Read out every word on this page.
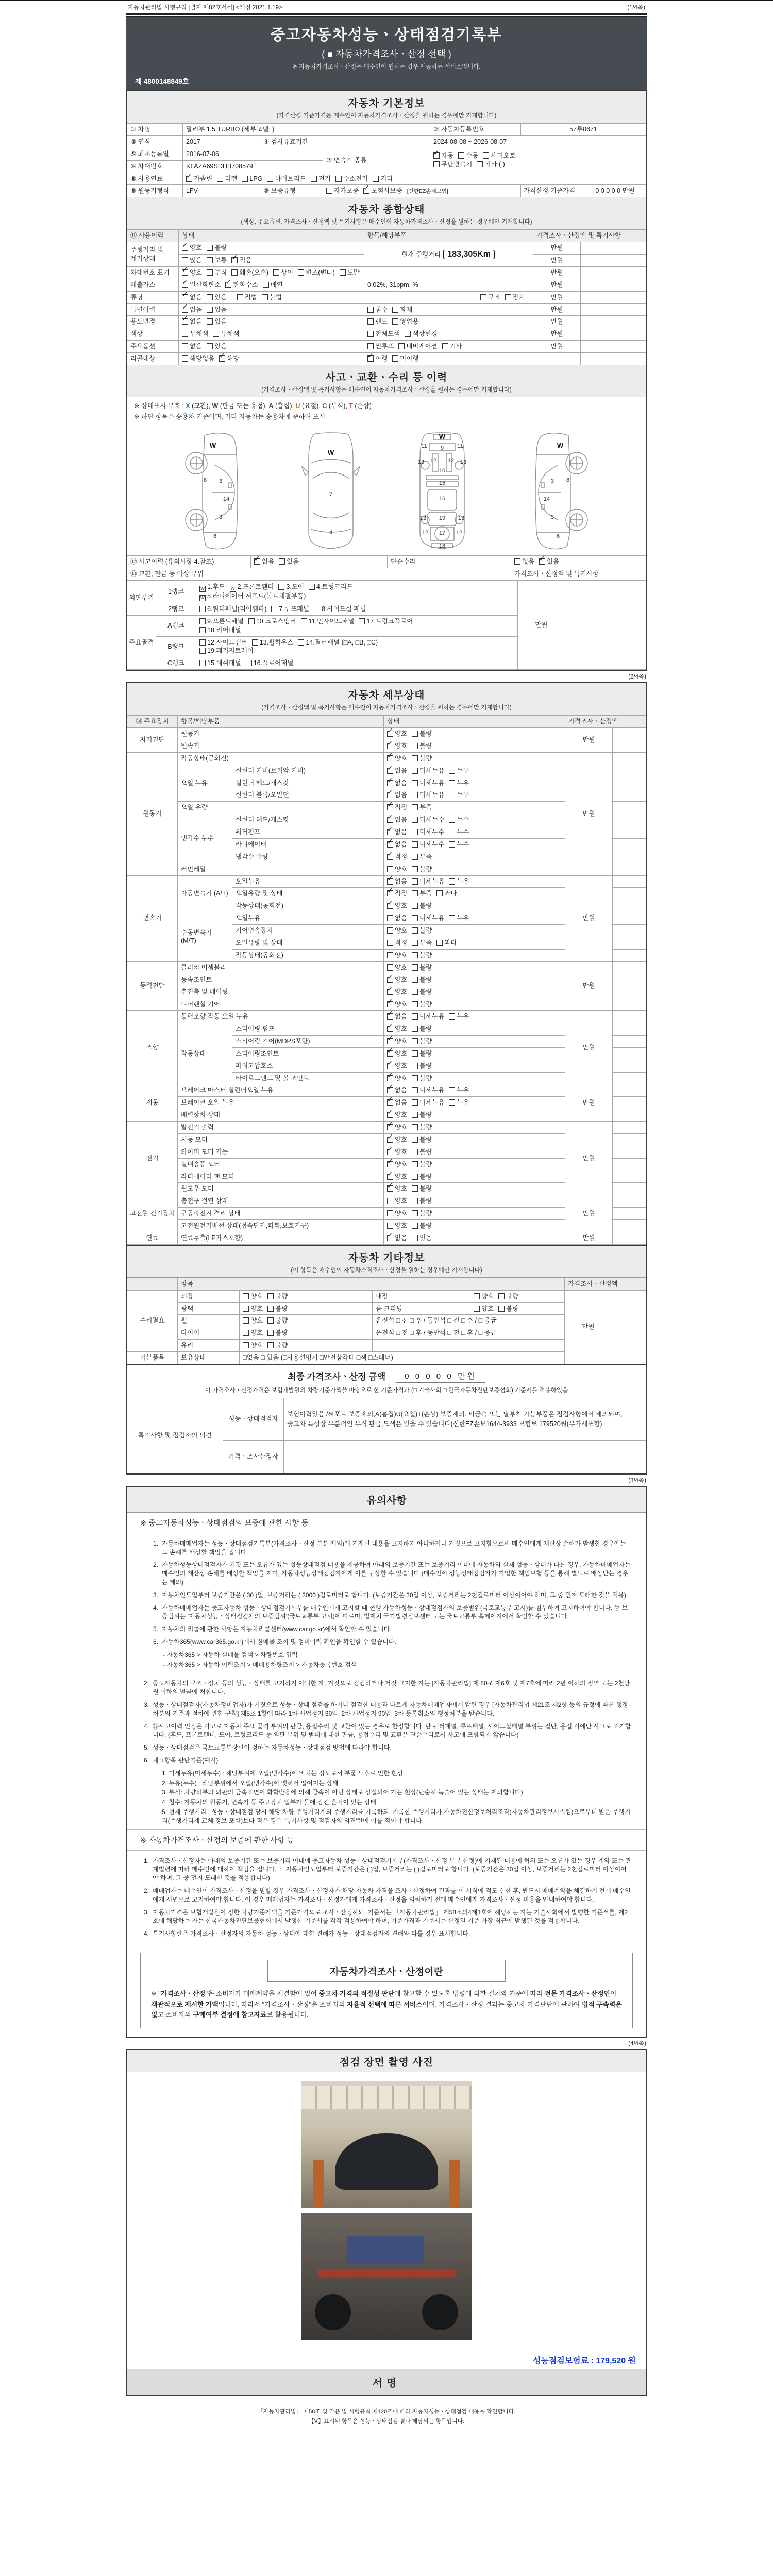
자동차관리법 시행규칙 [별지 제82호서식] <개정 2021.1.19>	(1/4쪽)
중고자동차성능ㆍ상태점검기록부
( ■ 자동차가격조사ㆍ산정 선택 )
※ 자동차가격조사ㆍ산정은 매수인이 원하는 경우 제공하는 서비스입니다.
제 4800148849호
자동차 기본정보
(가격산정 기준가격은 매수인이 자동차가격조사ㆍ산정을 원하는 경우에만 기재합니다)
① 차명	말리부 1.5 TURBO (세부모델: )			② 자동차등록번호	57루0671
③ 연식	2017	④ 검사유효기간		2024-08-08 ~ 2026-08-07	
⑤ 최초등록일	2016-07-06		⑦ 변속기 종류	✓자동 수동 세미오토
무단변속기 기타 ( )
⑥ 차대번호	KLAZA69SDHB708579				
⑧ 사용연료	✓가솔린 디젤 LPG 하이브리드 전기 수소전기 기타	
⑨ 원동기형식	LFV	⑩ 보증유형	자가보증 ✓ 보험사보증 [신한EZ손해보험]		가격산정 기준가격 0 0 0 0 0 만원
자동차 종합상태
(색상, 주요옵션, 가격조사ㆍ산정액 및 특기사항은 매수인이 자동차가격조사ㆍ산정을 원하는 경우에만 기재합니다)
⑪ 사용이력	상태	항목/해당부품	가격조사ㆍ산정액 및 특기사항	
주행거리 및 계기상태	✓양호 불량	현재 주행거리 [ 183,305Km ]	만원	
	많음 보통 ✓ 적음		만원	
차대번호 표기	✓양호 부식 훼손(오손) 상이 변조(변타) 도말		만원	
배출가스	✓일산화탄소 ✓ 탄화수소 매연	0.02%, 31ppm, %	만원	
튜닝	✓없음 있음 적법 불법	구조 장치	만원	
특별이력	✓없음 있음	침수 화재	만원	
용도변경	✓없음 있음	렌트 영업용	만원	
색상	무채색 유채색	전체도색 색상변경	만원	
주요옵션	없음 있음	썬루프 네비게이션 기타	만원	
리콜대상	해당없음 ✓ 해당	✓이행 미이행		
사고ㆍ교환ㆍ수리 등 이력
(가격조사ㆍ산정액 및 특기사항은 매수인이 자동차가격조사ㆍ산정을 원하는 경우에만 기재합니다)
※ 상태표시 부호 : X (교환), W (판금 또는 용접), A (흠집), U (요철), C (부식), T (손상)
※ 하단 항목은 승용차 기준이며, 기타 자동차는 승용차에 준하여 표시
W
8 3
14
3
6
W
7
4
W
9
11	11
13	13
12 12
10
15
16
13	13
19
12	12
17
18
W
8
3
14
3
6
⑫ 사고이력 (유의사항 4.참조)	✓없음 있음	단순수리	없음 ✓ 있음
⑬ 교환, 판금 등 이상 부위			가격조사ㆍ산정액 및 특기사항
외판부위	1랭크	W 1.후드 W 2.프론트휀더 3.도어 4.트렁크리드
W 5.라디에이터 서포트(볼트체결부품)	만원	
	2랭크	6.쿼터패널(리어휀다) 7.루프패널 8.사이드실 패널		
주요골격	A랭크	9.프론트패널 10.크로스멤버 11.인사이드패널 17.트렁크플로어
18.리어패널		
	B랭크	12.사이드멤버 13.휠하우스 14.필러패널 (□A, □B, □C)
19.패키지트레이		
	C랭크	15.대쉬패널 16.플로어패널		
(2/4쪽)
자동차 세부상태
(가격조사ㆍ산정액 및 특기사항은 매수인이 자동차가격조사ㆍ산정을 원하는 경우에만 기재합니다)
⑭ 주요장치	항목/해당부품		상태	가격조사ㆍ산정액	
자기진단	원동기	✓양호 불량	만원	
	변속기	✓양호 불량	
원동기	작동상태(공회전)	✓양호 불량	만원	
	오일 누유	실린더 커버(로커암 커버)	✓없음 미세누유 누유	
		실린더 헤드/개스킷	✓없음 미세누유 누유	
		실린더 블록/오일팬	✓없음 미세누유 누유	
	오일 유량	✓적정 부족	
	냉각수 누수	실린더 헤드/개스킷	✓없음 미세누수 누수	
		워터펌프	✓없음 미세누수 누수	
		라디에이터	✓없음 미세누수 누수	
		냉각수 수량	✓적정 부족	
	커먼레일		양호 불량		
변속기	자동변속기 (A/T)	오일누유	✓없음 미세누유 누유	만원	
		오일유량 및 상태	✓적정 부족 과다	
		작동상태(공회전)	✓양호 불량	
	수동변속기 (M/T)	오일누유	없음 미세누유 누유		
		기어변속장치	양호 불량		
		오일유량 및 상태	적정 부족 과다		
		작동상태(공회전)	양호 불량		
동력전달	클러치 어셈블리		양호 불량	만원	
	등속조인트	✓양호 불량	
	추진축 및 베어링	✓양호 불량	
	디퍼렌셜 기어	✓양호 불량	
조향	동력조향 작동 오일 누유	✓없음 미세누유 누유	만원	
	작동상태	스티어링 펌프	✓양호 불량	
		스티어링 기어(MDPS포함)	✓양호 불량	
		스티어링조인트	✓양호 불량	
		파워고압호스	✓양호 불량	
		타이로드엔드 및 볼 조인트	✓양호 불량	
제동	브레이크 마스터 실린더오일 누유	✓없음 미세누유 누유	만원	
	브레이크 오일 누유	✓없음 미세누유 누유	
	배력장치 상태	✓양호 불량	
전기	발전기 출력	✓양호 불량	만원	
	시동 모터	✓양호 불량	
	와이퍼 모터 기능	✓양호 불량	
	실내송풍 모터	✓양호 불량	
	라디에이터 팬 모터	✓양호 불량	
	윈도우 모터	✓양호 불량	
고전원 전기장치	충전구 절연 상태		양호 불량	만원	
	구동축전지 격리 상태		양호 불량		
	고전원전기배선 상태(접속단자,피복,보호기구)		양호 불량		
연료	연료누출(LP가스포함)	✓없음 있음	만원	
자동차 기타정보
(이 항목은 매수인이 자동차가격조사ㆍ산정을 원하는 경우에만 기재합니다)
	항목				가격조사ㆍ산정액	
수리필요	외장	양호 불량	내장	양호 불량	만원	
	광택	양호 불량	룸 크리닝	양호 불량		
	휠	양호 불량	운전석 □ 전 □ 후 / 동반석 □ 전 □ 후 / □ 응급			
	타이어	양호 불량	운전석 □ 전 □ 후 / 동반석 □ 전 □ 후 / □ 응급			
	유리	양호 불량				
기본품목	보유상태	□없음 □ 있음 (□사용설명서 □안전삼각대 □잭 □스패너)				
최종 가격조사ㆍ산정 금액	0 0 0 0 0 만원
이 가격조사ㆍ산정가격은 보험개발원의 차량기준가액을 바탕으로 한 기준가격과 (□ 기술사회 □ 한국자동차진단보증협회) 기준서를 적용하였음
특기사항 및 점검자의 의견	성능ㆍ상태점검자	보험이력있음 /써포트 보증제외,A(흠집)U(요철)T(손상) 보증제외. 비금속 또는 탈부착 가능부품은 점검사항에서 제외되며, 중고차 특성상 부분적인 부식,판금,도색은 있을 수 있습니다(신한EZ손보1644-3933 보험료 179520원(부가세포함)
	가격ㆍ조사산정자	
(3/4쪽)
유의사항
※ 중고자동차성능ㆍ상태점검의 보증에 관한 사항 등
1. 자동차매매업자는 성능ㆍ상태점검기록부(가격조사ㆍ산정 부분 제외)에 기재된 내용을 고지하지 아니하거나 거짓으로 고지함으로써 매수인에게 재산상 손해가 발생한 경우에는 그 손해를 배상할 책임을 집니다.
2. 자동차성능상태점검자가 거짓 또는 오류가 있는 성능상태점검 내용을 제공하여 아래의 보증기간 또는 보증거리 이내에 자동차의 실제 성능ㆍ상태가 다른 경우, 자동차매매업자는 매수인의 재산상 손해를 배상할 책임을 지며, 자동차성능상태점검자에게 이를 구상할 수 있습니다.(매수인이 성능상태점검자가 가입한 책임보험 등을 통해 별도로 배상받는 경우는 제외)
3. 자동차인도일부터 보증기간은 ( 30 )일, 보증거리는 ( 2000 )킬로미터로 합니다. (보증기간은 30일 이상, 보증거리는 2천킬로미터 이상이어야 하며, 그 중 먼저 도래한 것을 적용)
4. 자동차매매업자는 중고자동차 성능ㆍ상태점검기록부를 매수인에게 고지할 때 현행 자동차성능ㆍ상태점검자의 보증범위(국토교통부 고시)를 첨부하여 고지하여야 합니다. 동 보증범위는 '자동차성능ㆍ상태점검자의 보증범위'(국토교통부 고시)에 따르며, 법제처 국가법령정보센터 또는 국토교통부 홈페이지에서 확인할 수 있습니다.
5. 자동차의 리콜에 관한 사항은 자동차리콜센터(www.car.go.kr)에서 확인할 수 있습니다.
6. 자동차365(www.car365.go.kr)에서 실매물 조회 및 정비이력 확인을 확인할 수 있습니다.
- 자동차365 > 자동차 실매물 검색 > 차량번호 입력
- 자동차365 > 자동차 이력조회 > 매매용차량조회 > 자동차등록번호 검색
2. 중고자동차의 구조ㆍ장치 등의 성능ㆍ상태를 고지하지 아니한 자, 거짓으로 점검하거나 거짓 고지한 자는 [자동차관리법] 제 80조 제6호 및 제7호에 따라 2년 이하의 징역 또는 2천만원 이하의 벌금에 처합니다.
3. 성능ㆍ상태점검자(자동차정비업자)가 거짓으로 성능ㆍ상태 점검을 하거나 점검한 내용과 다르게 자동차매매업자에게 알린 경우 [자동차관리법 제21조 제2항 등의 규정에 따른 행정처분의 기준과 절차에 관한 규칙] 제5조 1항에 따라 1차 사업정지 30일, 2차 사업정지 90일, 3차 등록취소의 행정처분을 받습니다.
4. ⑫사고이력 인정은 사고로 자동차 주요 골격 부위의 판금, 용접수리 및 교환이 있는 경우로 한정합니다. 단 쿼터패널, 루프패널, 사이드실패널 부위는 절단, 용접 시에만 사고로 표기합니다. (후드, 프론트펜더, 도어, 트렁크리드 등 외판 부위 및 범퍼에 대한 판금, 용접수리 및 교환은 단순수리로서 사고에 포함되지 않습니다)
5. 성능ㆍ상태점검은 국토교통부장관이 정하는 자동차성능ㆍ상태점검 방법에 따라야 합니다.
6. 체크항목 판단기준(예시)
1. 미세누유(미세누수) : 해당부위에 오일(냉각수)이 비치는 정도로서 부품 노후로 인한 현상
2. 누유(누수) : 해당부위에서 오일(냉각수)이 맺혀서 떨어지는 상태
3. 부식: 차량하부와 외판의 금속표면이 화학반응에 의해 금속이 아닌 상태로 상실되어 가는 현상(단순히 녹슬어 있는 상태는 제외합니다)
4. 침수: 자동차의 원동기, 변속기 등 주요장치 일부가 물에 잠긴 흔적이 있는 상태
5. 현재 주행거리 : 성능ㆍ상태점검 당시 해당 차량 주행거리계의 주행거리를 기록하되, 기록한 주행거리가 자동차전산정보처리조직(자동차관리정보시스템)으로부터 받은 주행거리(주행거리계 교체 정보 포함)보다 적은 경우 '특기사항 및 점검자의 의견'란에 이를 적어야 합니다.
※ 자동차가격조사ㆍ산정의 보증에 관한 사항 등
1. 가격조사ㆍ산정자는 아래의 보증기간 또는 보증거리 이내에 중고자동차 성능ㆍ상태점검기록부(가격조사ㆍ산정 부분 한정)에 기재된 내용에 허위 또는 오류가 있는 경우 계약 또는 관계법령에 따라 매수인에 대하여 책임을 집니다. ㆍ 자동차인도일부터 보증기간은 ( )일, 보증거리는 ( )킬로미터로 합니다. (보증기간은 30일 이상, 보증거리는 2천킬로미터 이상이어야 하며, 그 중 먼저 도래한 것을 적용합니다)
2. 매매업자는 매수인이 가격조사ㆍ산정을 원할 경우 가격조사ㆍ산정자가 해당 자동차 가격을 조사ㆍ산정하여 결과를 이 서식에 적도록 한 후, 반드시 매매계약을 체결하기 전에 매수인에게 서면으로 고지하여야 합니다. 이 경우 매매업자는 가격조사ㆍ산정자에게 가격조사ㆍ산정을 의뢰하기 전에 매수인에게 가격조사ㆍ산정 비용을 안내하여야 합니다.
3. 자동차가격은 보험개발원이 정한 차량기준가액을 기준가격으로 조사ㆍ산정하되, 기준서는 「자동차관리법」 제58조의4제1호에 해당하는 자는 기술사회에서 발행한 기준서를, 제2호에 해당하는 자는 한국자동차진단보증협회에서 발행한 기준서를 각각 적용하여야 하며, 기준가격과 기준서는 산정일 기준 가장 최근에 발행된 것을 적용합니다.
4. 특기사항란은 가격조사ㆍ산정자의 자동차 성능ㆍ상태에 대한 견해가 성능ㆍ상태점검자의 견해와 다를 경우 표시합니다.
자동차가격조사ㆍ산정이란
※ "가격조사ㆍ산정"은 소비자가 매매계약을 체결함에 있어 중고차 가격의 적절성 판단에 참고할 수 있도록 법령에 의한 절차와 기준에 따라 전문 가격조사ㆍ산정인이 객관적으로 제시한 가액입니다. 따라서 "가격조사ㆍ산정"은 소비자의 자율적 선택에 따른 서비스이며, 가격조사ㆍ산정 결과는 중고차 가격판단에 관하여 법적 구속력은 없고 소비자의 구매여부 결정에 참고자료로 활용됩니다.
(4/4쪽)
점검 장면 촬영 사진
성능점검보험료 : 179,520 원
서명
「자동차관리법」 제58조 및 같은 법 시행규칙 제120조에 따라 자동차성능ㆍ상태점검 내용을 확인합니다.
【Ⅴ】표시된 항목은 성능ㆍ상태점검 결과 해당되는 항목입니다.
